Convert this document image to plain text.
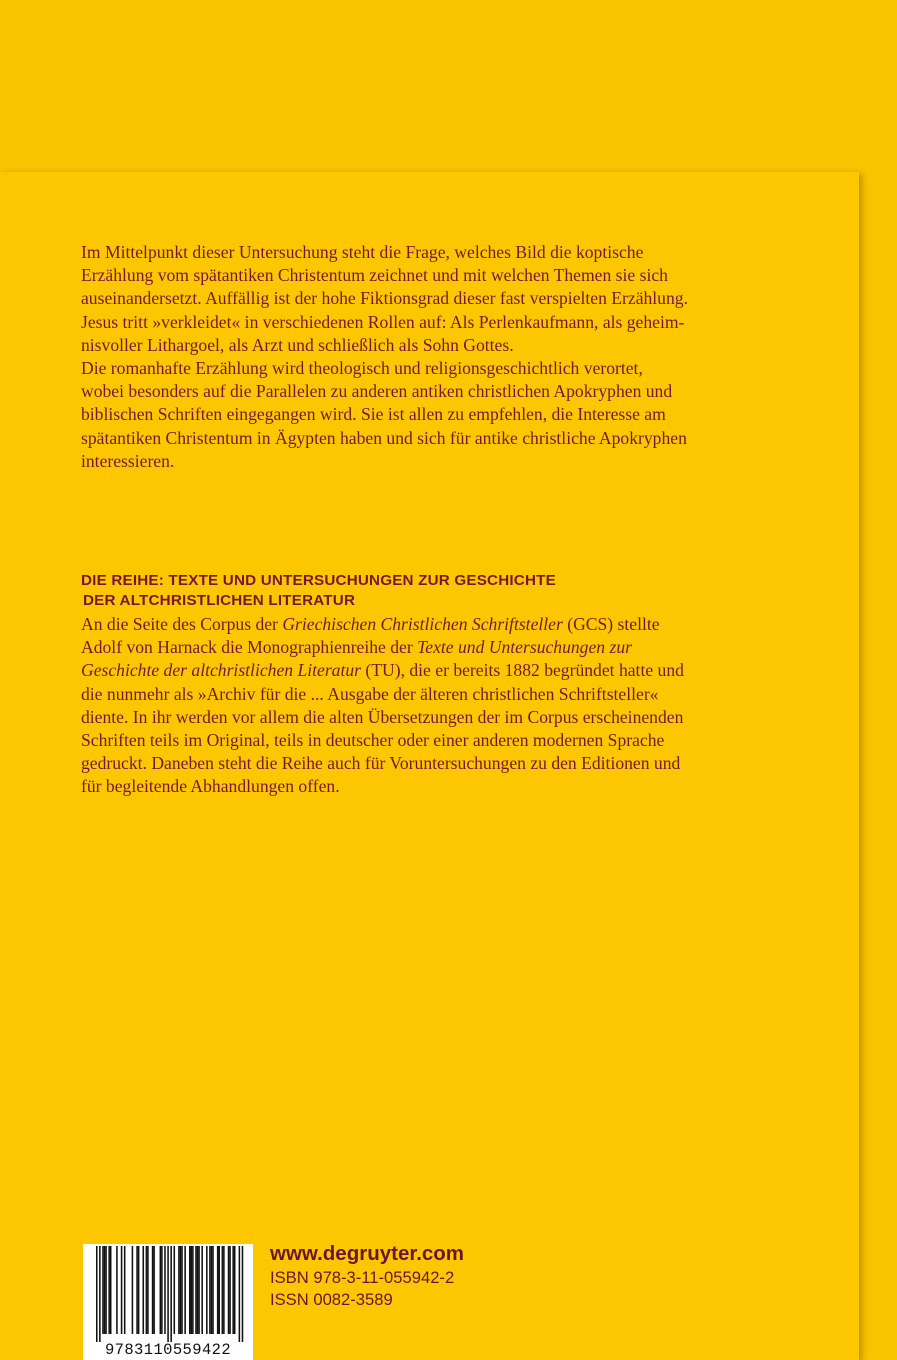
Im Mittelpunkt dieser Untersuchung steht die Frage, welches Bild die koptische

Erzählung vom spätantiken Christentum zeichnet und mit welchen Themen sie sich

auseinandersetzt. Auffällig ist der hohe Fiktionsgrad dieser fast verspielten Erzählung.

Jesus tritt »verkleidet« in verschiedenen Rollen auf: Als Perlenkaufmann, als geheim-

nisvoller Lithargoel, als Arzt und schließlich als Sohn Gottes.

Die romanhafte Erzählung wird theologisch und religionsgeschichtlich verortet,

wobei besonders auf die Parallelen zu anderen antiken christlichen Apokryphen und

biblischen Schriften eingegangen wird. Sie ist allen zu empfehlen, die Interesse am

spätantiken Christentum in Ägypten haben und sich für antike christliche Apokryphen

interessieren.

DIE REIHE: TEXTE UND UNTERSUCHUNGEN ZUR GESCHICHTE
DER ALTCHRISTLICHEN LITERATUR

An die Seite des Corpus der Griechischen Christlichen Schriftsteller (GCS) stellte

Adolf von Harnack die Monographienreihe der Texte und Untersuchungen zur

Geschichte der altchristlichen Literatur (TU), die er bereits 1882 begründet hatte und

die nunmehr als »Archiv für die ... Ausgabe der älteren christlichen Schriftsteller«

diente. In ihr werden vor allem die alten Übersetzungen der im Corpus erscheinenden

Schriften teils im Original, teils in deutscher oder einer anderen modernen Sprache

gedruckt. Daneben steht die Reihe auch für Voruntersuchungen zu den Editionen und

für begleitende Abhandlungen offen.

9783110559422
www.degruyter.com
ISBN 978-3-11-055942-2
ISSN 0082-3589
